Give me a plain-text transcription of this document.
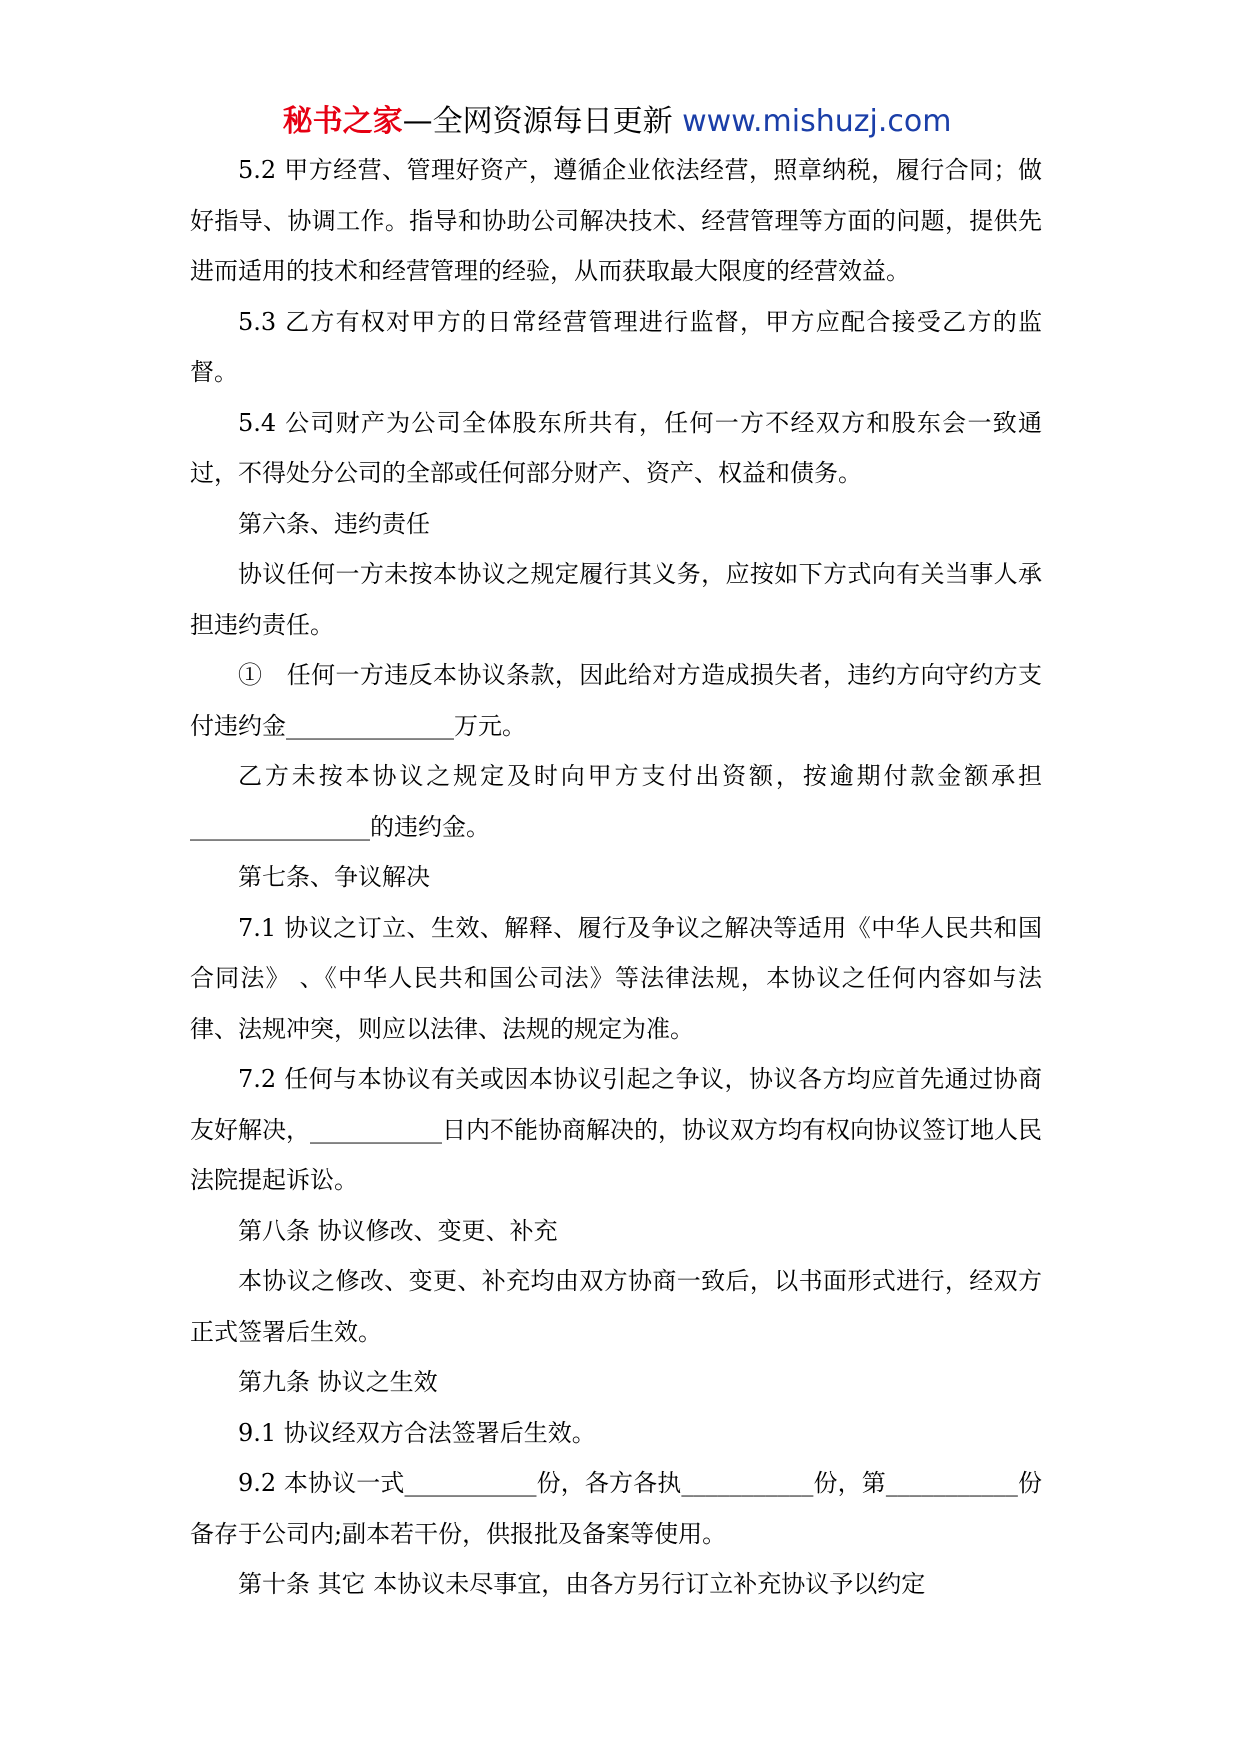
秘书之家—全网资源每日更新 www.mishuzj.com

5.2 甲方经营、管理好资产，遵循企业依法经营，照章纳税，履行合同；做好指导、协调工作。指导和协助公司解决技术、经营管理等方面的问题，提供先进而适用的技术和经营管理的经验，从而获取最大限度的经营效益。

5.3 乙方有权对甲方的日常经营管理进行监督，甲方应配合接受乙方的监督。

5.4 公司财产为公司全体股东所共有，任何一方不经双方和股东会一致通过，不得处分公司的全部或任何部分财产、资产、权益和债务。

第六条、违约责任

协议任何一方未按本协议之规定履行其义务，应按如下方式向有关当事人承担违约责任。

①　任何一方违反本协议条款，因此给对方造成损失者，违约方向守约方支付违约金______________万元。

乙方未按本协议之规定及时向甲方支付出资额，按逾期付款金额承担_______________的违约金。

第七条、争议解决

7.1 协议之订立、生效、解释、履行及争议之解决等适用《中华人民共和国合同法》 、《中华人民共和国公司法》等法律法规，本协议之任何内容如与法律、法规冲突，则应以法律、法规的规定为准。

7.2 任何与本协议有关或因本协议引起之争议，协议各方均应首先通过协商友好解决，___________日内不能协商解决的，协议双方均有权向协议签订地人民法院提起诉讼。

第八条 协议修改、变更、补充

本协议之修改、变更、补充均由双方协商一致后，以书面形式进行，经双方正式签署后生效。

第九条 协议之生效

9.1 协议经双方合法签署后生效。

9.2 本协议一式___________份，各方各执___________份，第___________份备存于公司内;副本若干份，供报批及备案等使用。

第十条 其它 本协议未尽事宜，由各方另行订立补充协议予以约定
